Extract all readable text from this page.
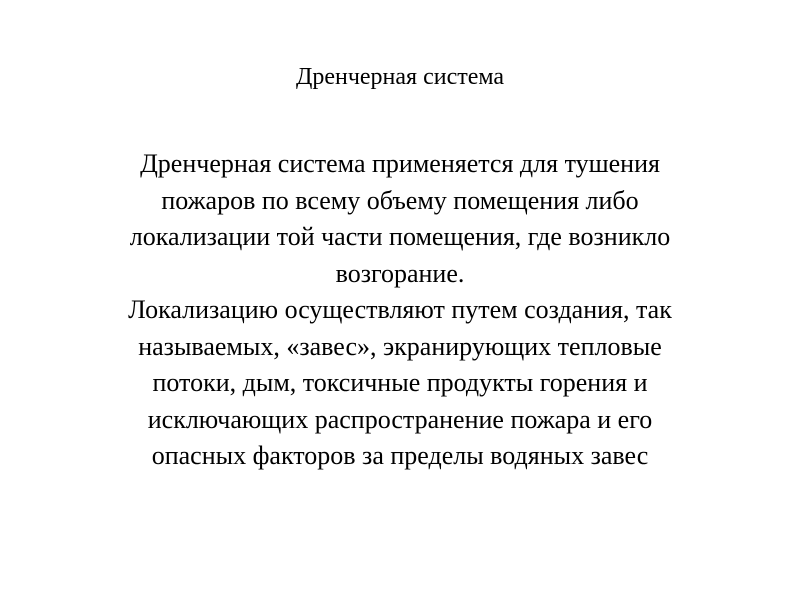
Дренчерная система
Дренчерная система применяется для тушения
пожаров по всему объему помещения либо
локализации той части помещения, где возникло
возгорание.
Локализацию осуществляют путем создания, так
называемых, «завес», экранирующих тепловые
потоки, дым, токсичные продукты горения и
исключающих распространение пожара и его
опасных факторов за пределы водяных завес
